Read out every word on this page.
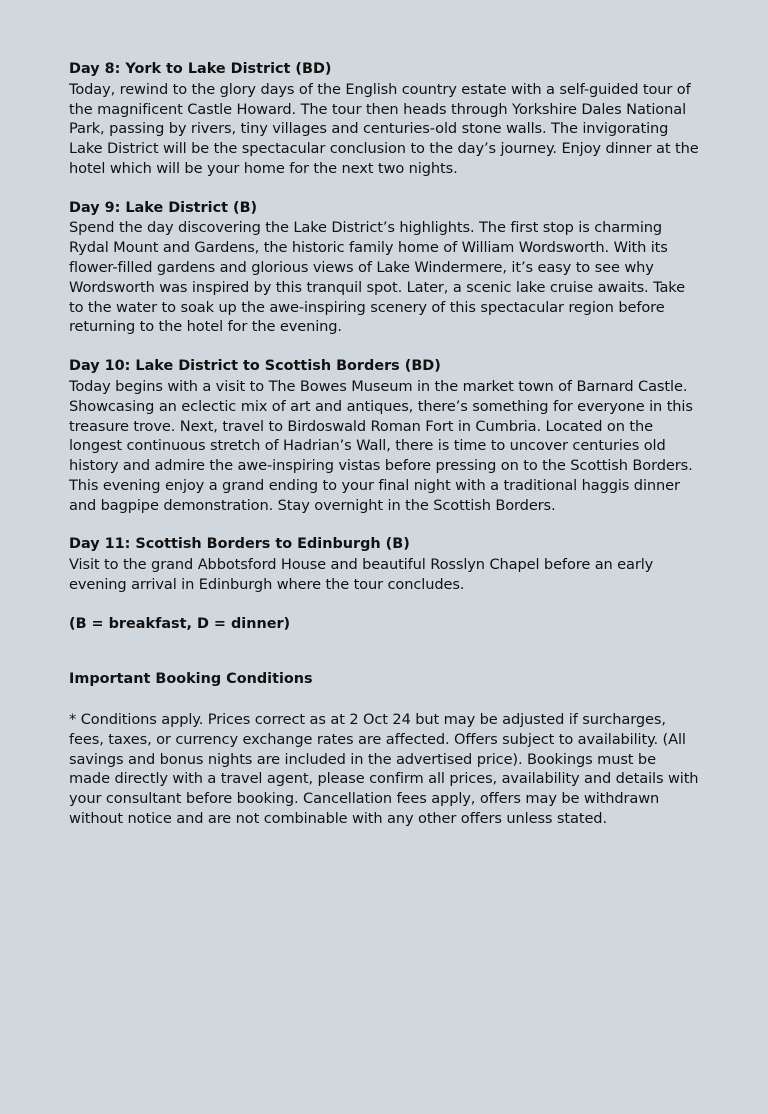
Day 8: York to Lake District (BD)

Today, rewind to the glory days of the English country estate with a self-guided tour of the magnificent Castle Howard. The tour then heads through Yorkshire Dales National Park, passing by rivers, tiny villages and centuries-old stone walls. The invigorating Lake District will be the spectacular conclusion to the day’s journey. Enjoy dinner at the hotel which will be your home for the next two nights.

Day 9: Lake District (B)

Spend the day discovering the Lake District’s highlights. The first stop is charming Rydal Mount and Gardens, the historic family home of William Wordsworth. With its flower-filled gardens and glorious views of Lake Windermere, it’s easy to see why Wordsworth was inspired by this tranquil spot. Later, a scenic lake cruise awaits. Take to the water to soak up the awe-inspiring scenery of this spectacular region before returning to the hotel for the evening.

Day 10: Lake District to Scottish Borders (BD)

Today begins with a visit to The Bowes Museum in the market town of Barnard Castle. Showcasing an eclectic mix of art and antiques, there’s something for everyone in this treasure trove. Next, travel to Birdoswald Roman Fort in Cumbria. Located on the longest continuous stretch of Hadrian’s Wall, there is time to uncover centuries old history and admire the awe-inspiring vistas before pressing on to the Scottish Borders. This evening enjoy a grand ending to your final night with a traditional haggis dinner and bagpipe demonstration. Stay overnight in the Scottish Borders.

Day 11: Scottish Borders to Edinburgh (B)

Visit to the grand Abbotsford House and beautiful Rosslyn Chapel before an early evening arrival in Edinburgh where the tour concludes.

(B = breakfast, D = dinner)

Important Booking Conditions

* Conditions apply. Prices correct as at 2 Oct 24 but may be adjusted if surcharges, fees, taxes, or currency exchange rates are affected. Offers subject to availability. (All savings and bonus nights are included in the advertised price). Bookings must be made directly with a travel agent, please confirm all prices, availability and details with your consultant before booking. Cancellation fees apply, offers may be withdrawn without notice and are not combinable with any other offers unless stated.
